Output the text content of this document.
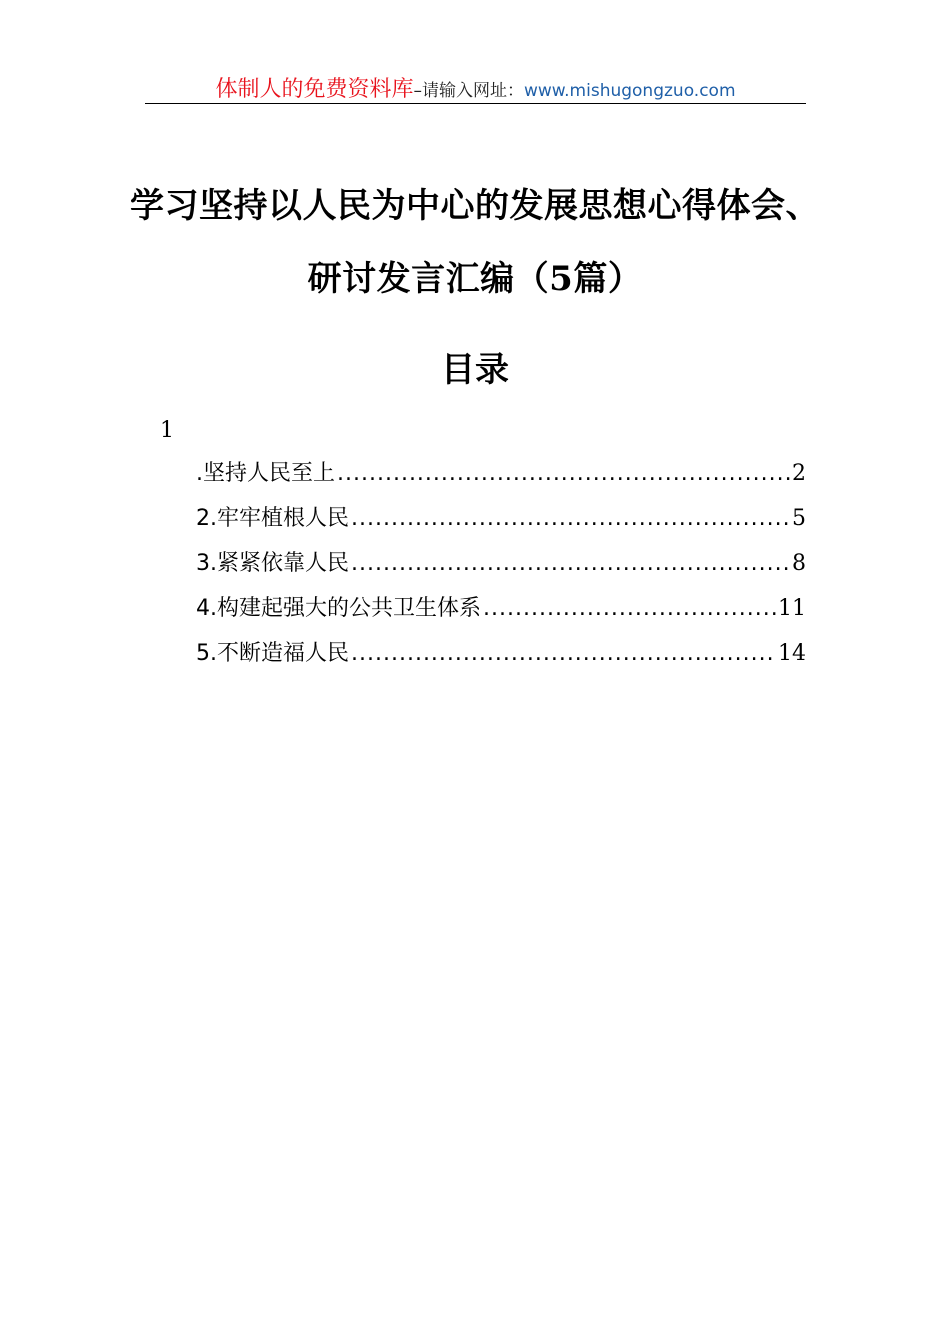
体制人的免费资料库–请输入网址：www.mishugongzuo.com
学习坚持以人民为中心的发展思想心得体会、研讨发言汇编（5篇）
目录
1
.坚持人民至上 .....	2
2.牢牢植根人民 .....	5
3.紧紧依靠人民 .....	8
4.构建起强大的公共卫生体系 .....	11
5.不断造福人民 .....	14
